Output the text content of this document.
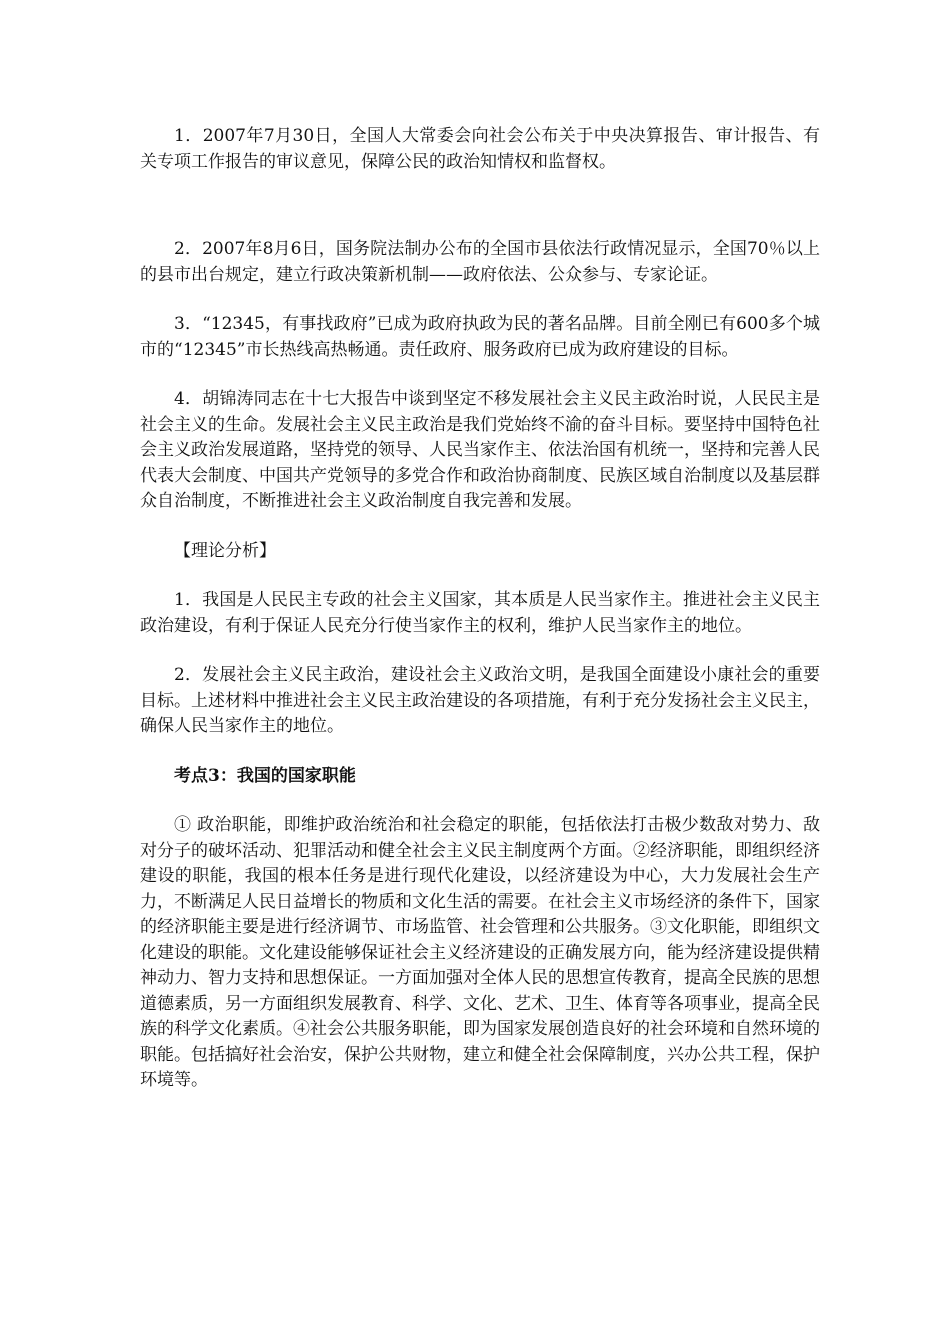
1．2007年7月30日，全国人大常委会向社会公布关于中央决算报告、审计报告、有关专项工作报告的审议意见，保障公民的政治知情权和监督权。

2．2007年8月6日，国务院法制办公布的全国市县依法行政情况显示，全国70％以上的县市出台规定，建立行政决策新机制——政府依法、公众参与、专家论证。

3．“12345，有事找政府”已成为政府执政为民的著名品牌。目前全刚已有600多个城市的“12345”市长热线高热畅通。责任政府、服务政府已成为政府建设的目标。

4．胡锦涛同志在十七大报告中谈到坚定不移发展社会主义民主政治时说，人民民主是社会主义的生命。发展社会主义民主政治是我们党始终不渝的奋斗目标。要坚持中国特色社会主义政治发展道路，坚持党的领导、人民当家作主、依法治国有机统一，坚持和完善人民代表大会制度、中国共产党领导的多党合作和政治协商制度、民族区域自治制度以及基层群众自治制度，不断推进社会主义政治制度自我完善和发展。

【理论分析】

1．我国是人民民主专政的社会主义国家，其本质是人民当家作主。推进社会主义民主政治建设，有利于保证人民充分行使当家作主的权利，维护人民当家作主的地位。

2．发展社会主义民主政治，建设社会主义政治文明，是我国全面建设小康社会的重要目标。上述材料中推进社会主义民主政治建设的各项措施，有利于充分发扬社会主义民主，确保人民当家作主的地位。

考点3：我国的国家职能

① 政治职能，即维护政治统治和社会稳定的职能，包括依法打击极少数敌对势力、敌对分子的破坏活动、犯罪活动和健全社会主义民主制度两个方面。②经济职能，即组织经济建设的职能，我国的根本任务是进行现代化建设，以经济建设为中心，大力发展社会生产力，不断满足人民日益增长的物质和文化生活的需要。在社会主义市场经济的条件下，国家的经济职能主要是进行经济调节、市场监管、社会管理和公共服务。③文化职能，即组织文化建设的职能。文化建设能够保证社会主义经济建设的正确发展方向，能为经济建设提供精神动力、智力支持和思想保证。一方面加强对全体人民的思想宣传教育，提高全民族的思想道德素质，另一方面组织发展教育、科学、文化、艺术、卫生、体育等各项事业，提高全民族的科学文化素质。④社会公共服务职能，即为国家发展创造良好的社会环境和自然环境的职能。包括搞好社会治安，保护公共财物，建立和健全社会保障制度，兴办公共工程，保护环境等。
